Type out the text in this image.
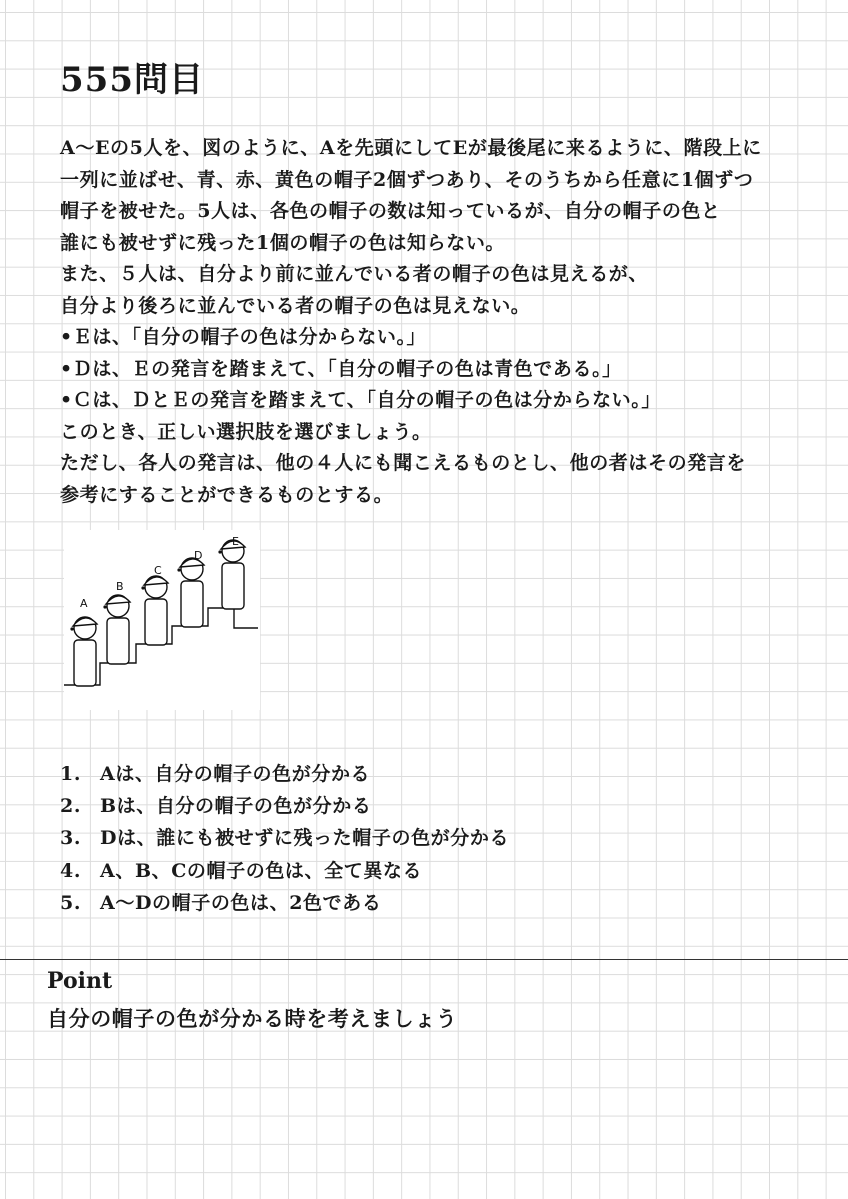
555問目
A〜Eの5人を、図のように、Aを先頭にしてEが最後尾に来るように、階段上に
一列に並ばせ、青、赤、黄色の帽子2個ずつあり、そのうちから任意に1個ずつ
帽子を被せた。5人は、各色の帽子の数は知っているが、自分の帽子の色と
誰にも被せずに残った1個の帽子の色は知らない。
また、５人は、自分より前に並んでいる者の帽子の色は見えるが、
自分より後ろに並んでいる者の帽子の色は見えない。
•Ｅは、「自分の帽子の色は分からない。」
•Ｄは、Ｅの発言を踏まえて、「自分の帽子の色は青色である。」
•Ｃは、ＤとＥの発言を踏まえて、「自分の帽子の色は分からない。」
このとき、正しい選択肢を選びましょう。
ただし、各人の発言は、他の４人にも聞こえるものとし、他の者はその発言を
参考にすることができるものとする。
A
B
C
D
E
1. Aは、自分の帽子の色が分かる
2. Bは、自分の帽子の色が分かる
3. Dは、誰にも被せずに残った帽子の色が分かる
4. A、B、Cの帽子の色は、全て異なる
5. A〜Dの帽子の色は、2色である
Point
自分の帽子の色が分かる時を考えましょう
